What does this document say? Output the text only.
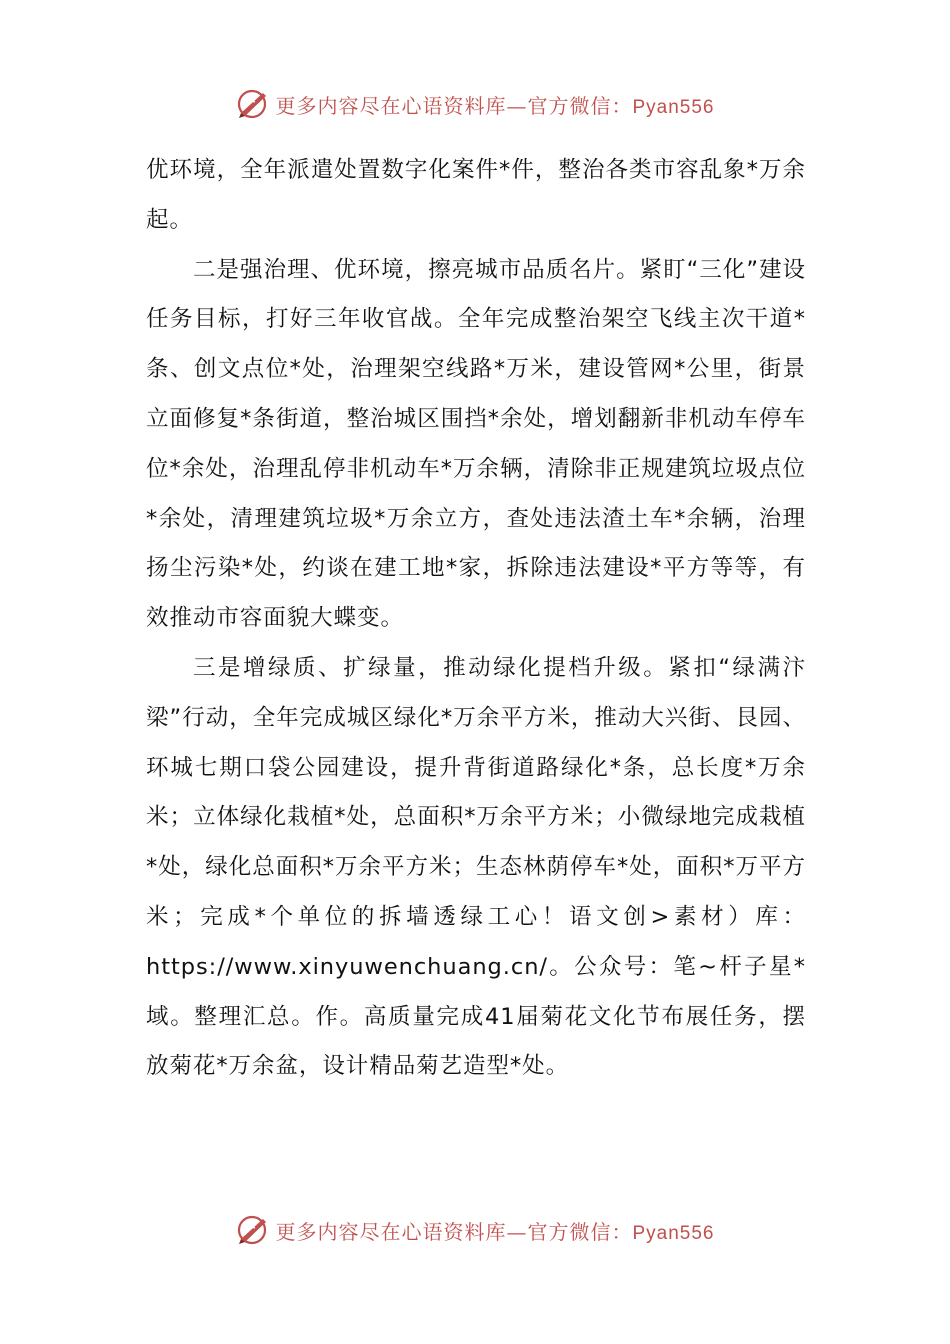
更多内容尽在心语资料库—官方微信：Pyan556

优环境，全年派遣处置数字化案件*件，整治各类市容乱象*万余起。

二是强治理、优环境，擦亮城市品质名片。紧盯“三化”建设任务目标，打好三年收官战。全年完成整治架空飞线主次干道*条、创文点位*处，治理架空线路*万米，建设管网*公里，街景立面修复*条街道，整治城区围挡*余处，增划翻新非机动车停车位*余处，治理乱停非机动车*万余辆，清除非正规建筑垃圾点位*余处，清理建筑垃圾*万余立方，查处违法渣土车*余辆，治理扬尘污染*处，约谈在建工地*家，拆除违法建设*平方等等，有效推动市容面貌大蝶变。

三是增绿质、扩绿量，推动绿化提档升级。紧扣“绿满汴梁”行动，全年完成城区绿化*万余平方米，推动大兴街、艮园、环城七期口袋公园建设，提升背街道路绿化*条，总长度*万余米；立体绿化栽植*处，总面积*万余平方米；小微绿地完成栽植*处，绿化总面积*万余平方米；生态林荫停车*处，面积*万平方米；完成*个单位的拆墙透绿工心！语文创>素材）库：https://www.xinyuwenchuang.cn/。公众号：笔~杆子星*域。整理汇总。作。高质量完成41届菊花文化节布展任务，摆放菊花*万余盆，设计精品菊艺造型*处。

更多内容尽在心语资料库—官方微信：Pyan556
